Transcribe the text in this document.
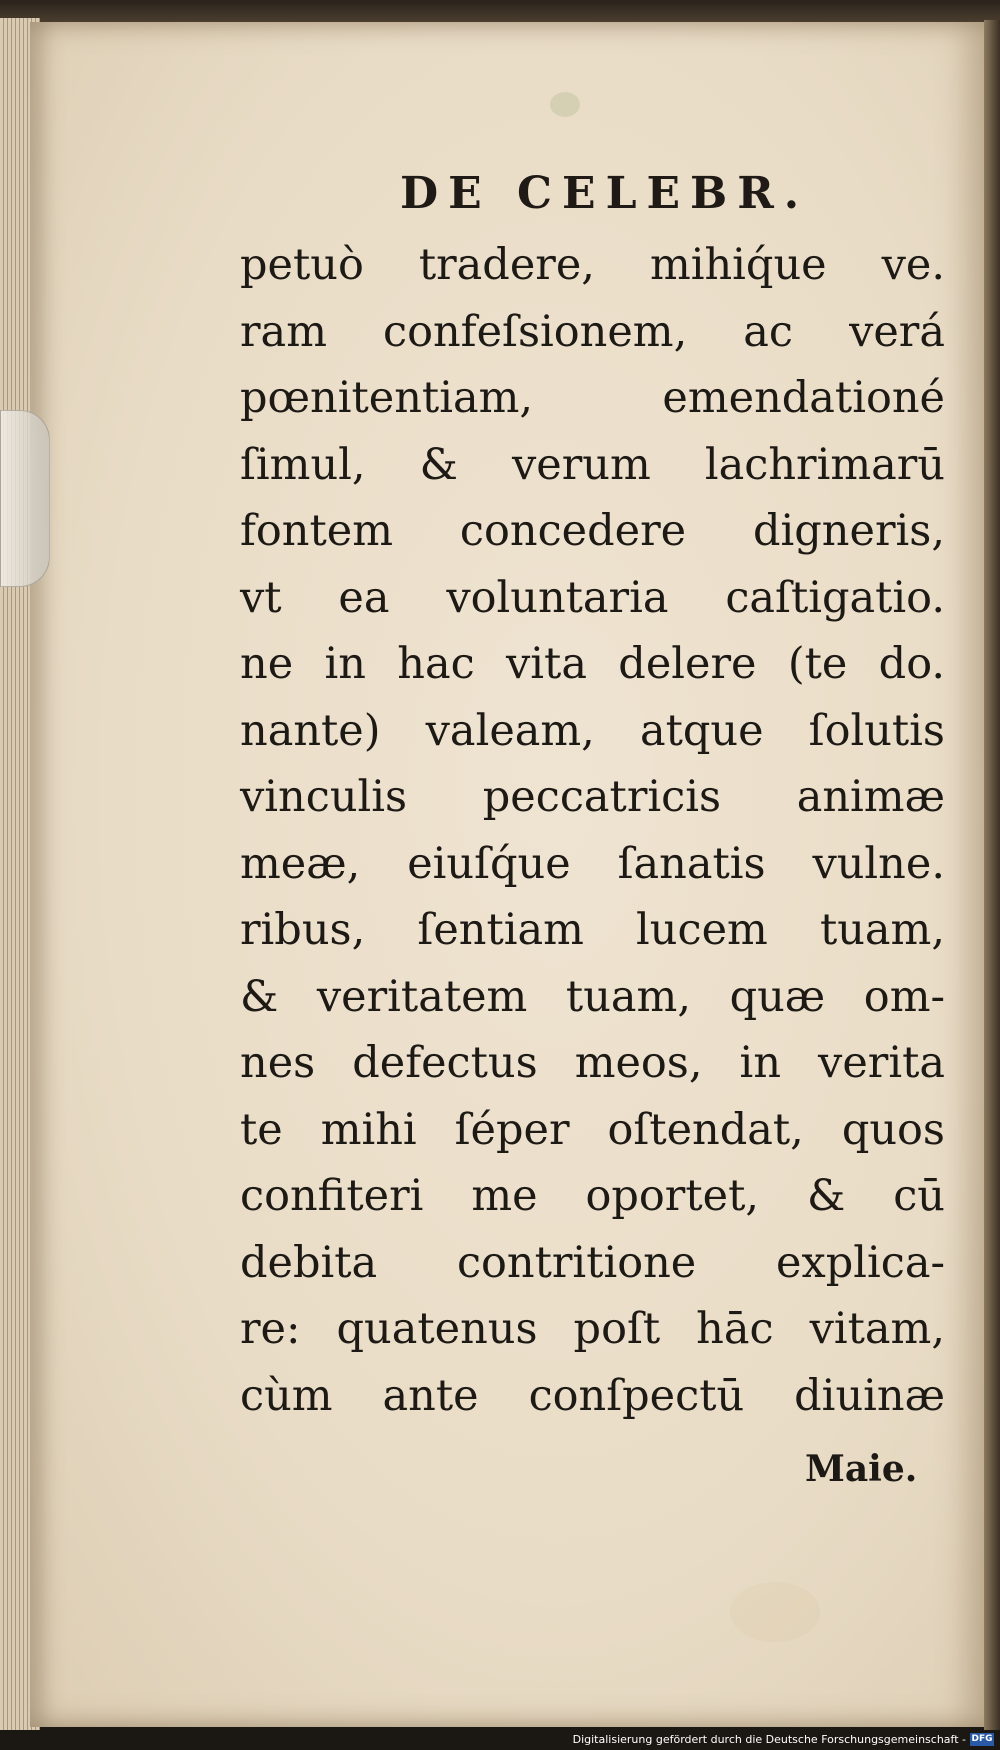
DE CELEBR.
petuò tradere, mihiq́ue ve.
ram confeſsionem, ac verá
pœnitentiam, emendationé
ſimul, & verum lachrimarū
fontem concedere digneris,
vt ea voluntaria caſtigatio.
ne in hac vita delere (te do.
nante) valeam, atque ſolutis
vinculis peccatricis animæ
meæ, eiuſq́ue ſanatis vulne.
ribus, ſentiam lucem tuam,
& veritatem tuam, quæ om-
nes defectus meos, in verita
te mihi ſéper oſtendat, quos
confiteri me oportet, & cū
debita contritione explica-
re: quatenus poſt hāc vitam,
cùm ante conſpectū diuinæ
Maie.
Digitalisierung gefördert durch die Deutsche Forschungsgemeinschaft - DFG
